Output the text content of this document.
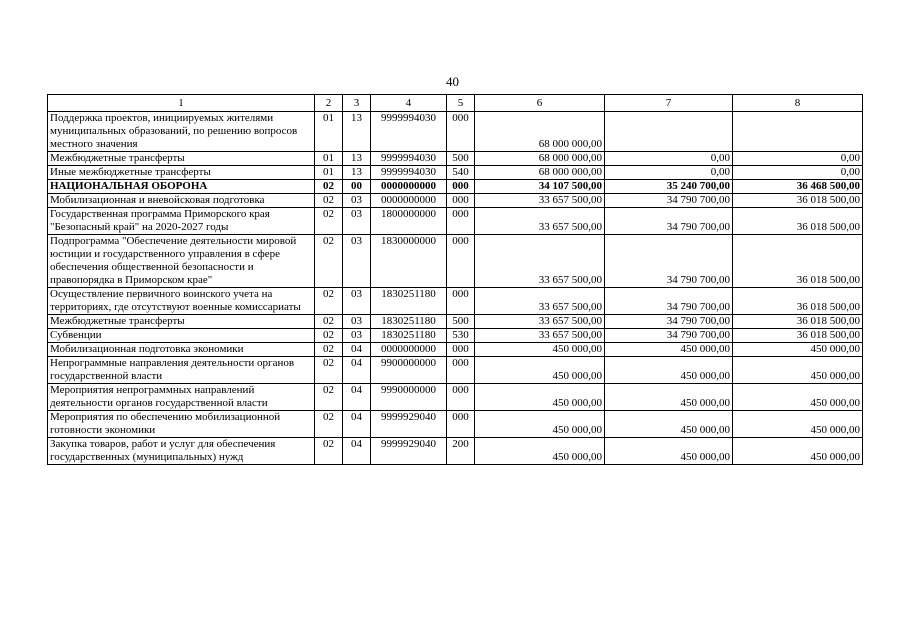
40
1	2	3	4	5	6	7	8
Поддержка проектов, инициируемых жителями муниципальных образований, по решению вопросов местного значения	01	13	9999994030	000	68 000 000,00		
Межбюджетные трансферты	01	13	9999994030	500	68 000 000,00	0,00	0,00
Иные межбюджетные трансферты	01	13	9999994030	540	68 000 000,00	0,00	0,00
НАЦИОНАЛЬНАЯ ОБОРОНА	02	00	0000000000	000	34 107 500,00	35 240 700,00	36 468 500,00
Мобилизационная и вневойсковая подготовка	02	03	0000000000	000	33 657 500,00	34 790 700,00	36 018 500,00
Государственная программа Приморского края "Безопасный край" на 2020-2027 годы	02	03	1800000000	000	33 657 500,00	34 790 700,00	36 018 500,00
Подпрограмма "Обеспечение деятельности мировой юстиции и государственного управления в сфере обеспечения общественной безопасности и правопорядка в Приморском крае"	02	03	1830000000	000	33 657 500,00	34 790 700,00	36 018 500,00
Осуществление первичного воинского учета на территориях, где отсутствуют военные комиссариаты	02	03	1830251180	000	33 657 500,00	34 790 700,00	36 018 500,00
Межбюджетные трансферты	02	03	1830251180	500	33 657 500,00	34 790 700,00	36 018 500,00
Субвенции	02	03	1830251180	530	33 657 500,00	34 790 700,00	36 018 500,00
Мобилизационная подготовка экономики	02	04	0000000000	000	450 000,00	450 000,00	450 000,00
Непрограммные направления деятельности органов государственной власти	02	04	9900000000	000	450 000,00	450 000,00	450 000,00
Мероприятия непрограммных направлений деятельности органов государственной власти	02	04	9990000000	000	450 000,00	450 000,00	450 000,00
Мероприятия по обеспечению мобилизационной готовности экономики	02	04	9999929040	000	450 000,00	450 000,00	450 000,00
Закупка товаров, работ и услуг для обеспечения государственных (муниципальных) нужд	02	04	9999929040	200	450 000,00	450 000,00	450 000,00
